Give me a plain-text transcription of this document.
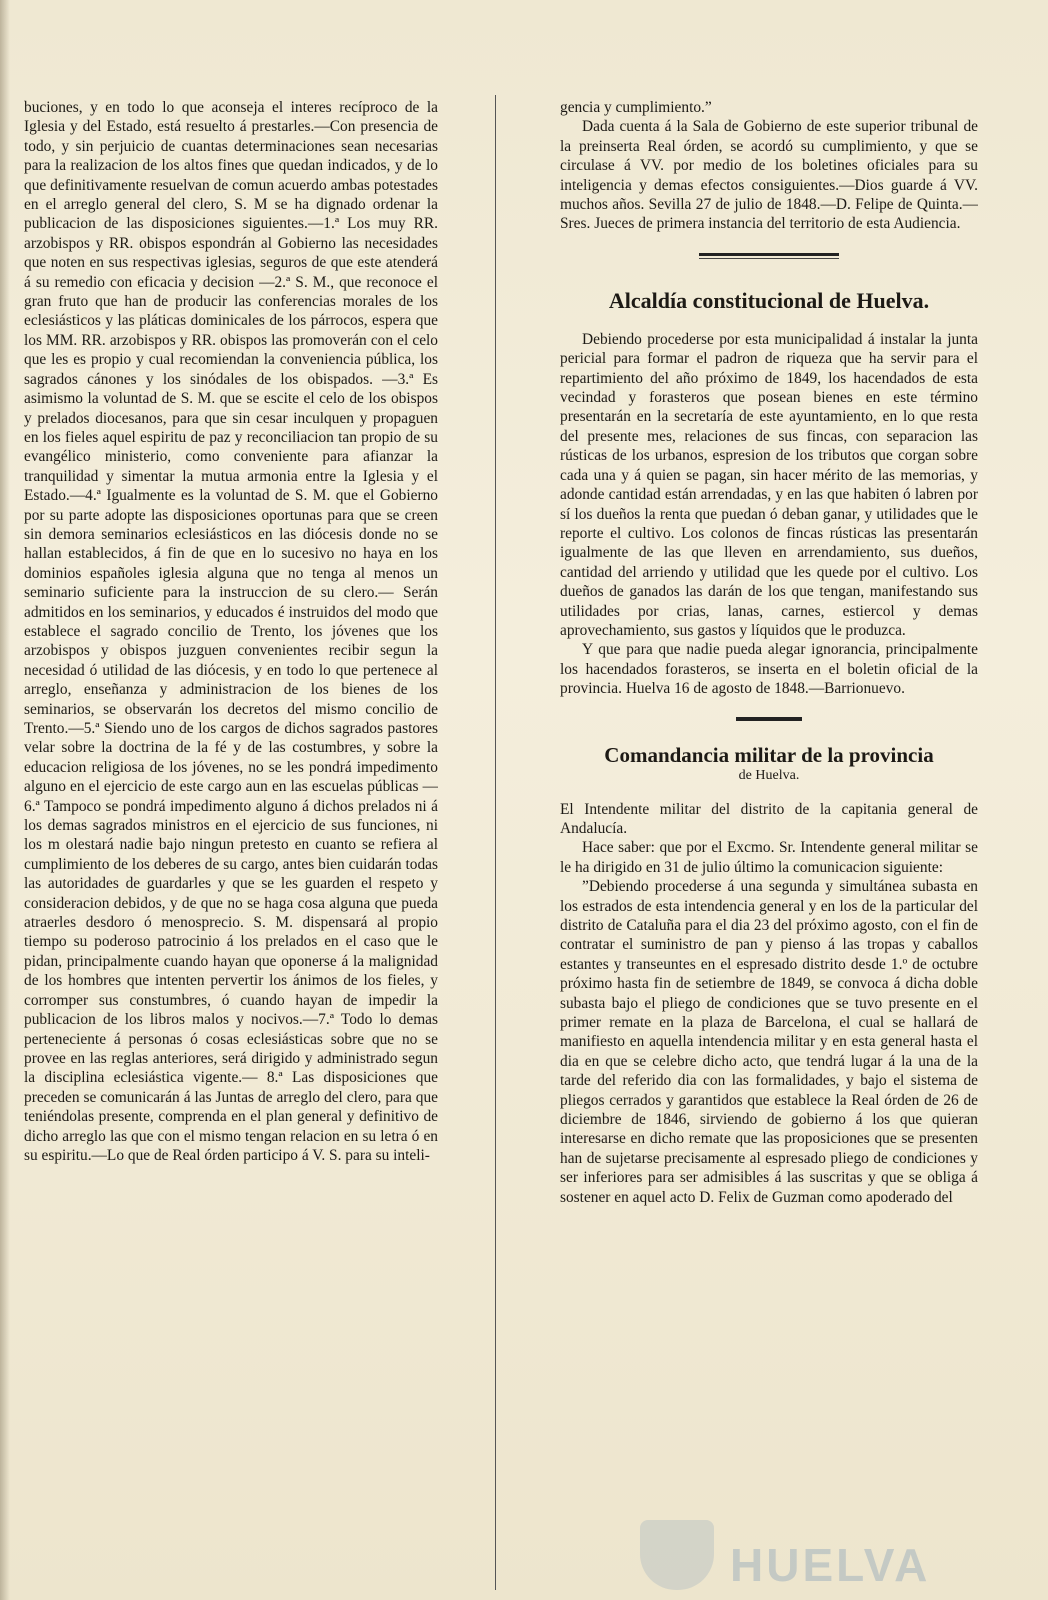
buciones, y en todo lo que aconseja el interes recíproco de la Iglesia y del Estado, está resuelto á prestarles.—Con presencia de todo, y sin perjuicio de cuantas determinaciones sean necesarias para la realizacion de los altos fines que quedan indicados, y de lo que definitivamente resuelvan de comun acuerdo ambas potestades en el arreglo general del clero, S. M se ha dignado ordenar la publicacion de las disposiciones siguientes.—1.ª Los muy RR. arzobispos y RR. obispos espondrán al Gobierno las necesidades que noten en sus respectivas iglesias, seguros de que este atenderá á su remedio con eficacia y decision —2.ª S. M., que reconoce el gran fruto que han de producir las conferencias morales de los eclesiásticos y las pláticas dominicales de los párrocos, espera que los MM. RR. arzobispos y RR. obispos las promoverán con el celo que les es propio y cual recomiendan la conveniencia pública, los sagrados cánones y los sinódales de los obispados. —3.ª Es asimismo la voluntad de S. M. que se escite el celo de los obispos y prelados diocesanos, para que sin cesar inculquen y propaguen en los fieles aquel espiritu de paz y reconciliacion tan propio de su evangélico ministerio, como conveniente para afianzar la tranquilidad y simentar la mutua armonia entre la Iglesia y el Estado.—4.ª Igualmente es la voluntad de S. M. que el Gobierno por su parte adopte las disposiciones oportunas para que se creen sin demora seminarios eclesiásticos en las diócesis donde no se hallan establecidos, á fin de que en lo sucesivo no haya en los dominios españoles iglesia alguna que no tenga al menos un seminario suficiente para la instruccion de su clero.— Serán admitidos en los seminarios, y educados é instruidos del modo que establece el sagrado concilio de Trento, los jóvenes que los arzobispos y obispos juzguen convenientes recibir segun la necesidad ó utilidad de las diócesis, y en todo lo que pertenece al arreglo, enseñanza y administracion de los bienes de los seminarios, se observarán los decretos del mismo concilio de Trento.—5.ª Siendo uno de los cargos de dichos sagrados pastores velar sobre la doctrina de la fé y de las costumbres, y sobre la educacion religiosa de los jóvenes, no se les pondrá impedimento alguno en el ejercicio de este cargo aun en las escuelas públicas —6.ª Tampoco se pondrá impedimento alguno á dichos prelados ni á los demas sagrados ministros en el ejercicio de sus funciones, ni los m olestará nadie bajo ningun pretesto en cuanto se refiera al cumplimiento de los deberes de su cargo, antes bien cuidarán todas las autoridades de guardarles y que se les guarden el respeto y consideracion debidos, y de que no se haga cosa alguna que pueda atraerles desdoro ó menosprecio. S. M. dispensará al propio tiempo su poderoso patrocinio á los prelados en el caso que le pidan, principalmente cuando hayan que oponerse á la malignidad de los hombres que intenten pervertir los ánimos de los fieles, y corromper sus constumbres, ó cuando hayan de impedir la publicacion de los libros malos y nocivos.—7.ª Todo lo demas perteneciente á personas ó cosas eclesiásticas sobre que no se provee en las reglas anteriores, será dirigido y administrado segun la disciplina eclesiástica vigente.— 8.ª Las disposiciones que preceden se comunicarán á las Juntas de arreglo del clero, para que teniéndolas presente, comprenda en el plan general y definitivo de dicho arreglo las que con el mismo tengan relacion en su letra ó en su espiritu.—Lo que de Real órden participo á V. S. para su inteli-

gencia y cumplimiento.”

Dada cuenta á la Sala de Gobierno de este superior tribunal de la preinserta Real órden, se acordó su cumplimiento, y que se circulase á VV. por medio de los boletines oficiales para su inteligencia y demas efectos consiguientes.—Dios guarde á VV. muchos años. Sevilla 27 de julio de 1848.—D. Felipe de Quinta.—Sres. Jueces de primera instancia del territorio de esta Audiencia.

Alcaldía constitucional de Huelva.

Debiendo procederse por esta municipalidad á instalar la junta pericial para formar el padron de riqueza que ha servir para el repartimiento del año próximo de 1849, los hacendados de esta vecindad y forasteros que posean bienes en este término presentarán en la secretaría de este ayuntamiento, en lo que resta del presente mes, relaciones de sus fincas, con separacion las rústicas de los urbanos, espresion de los tributos que corgan sobre cada una y á quien se pagan, sin hacer mérito de las memorias, y adonde cantidad están arrendadas, y en las que habiten ó labren por sí los dueños la renta que puedan ó deban ganar, y utilidades que le reporte el cultivo. Los colonos de fincas rústicas las presentarán igualmente de las que lleven en arrendamiento, sus dueños, cantidad del arriendo y utilidad que les quede por el cultivo. Los dueños de ganados las darán de los que tengan, manifestando sus utilidades por crias, lanas, carnes, estiercol y demas aprovechamiento, sus gastos y líquidos que le produzca.

Y que para que nadie pueda alegar ignorancia, principalmente los hacendados forasteros, se inserta en el boletin oficial de la provincia. Huelva 16 de agosto de 1848.—Barrionuevo.

Comandancia militar de la provincia
de Huelva.

El Intendente militar del distrito de la capitania general de Andalucía.

Hace saber: que por el Excmo. Sr. Intendente general militar se le ha dirigido en 31 de julio último la comunicacion siguiente:

”Debiendo procederse á una segunda y simultánea subasta en los estrados de esta intendencia general y en los de la particular del distrito de Cataluña para el dia 23 del próximo agosto, con el fin de contratar el suministro de pan y pienso á las tropas y caballos estantes y transeuntes en el espresado distrito desde 1.º de octubre próximo hasta fin de setiembre de 1849, se convoca á dicha doble subasta bajo el pliego de condiciones que se tuvo presente en el primer remate en la plaza de Barcelona, el cual se hallará de manifiesto en aquella intendencia militar y en esta general hasta el dia en que se celebre dicho acto, que tendrá lugar á la una de la tarde del referido dia con las formalidades, y bajo el sistema de pliegos cerrados y garantidos que establece la Real órden de 26 de diciembre de 1846, sirviendo de gobierno á los que quieran interesarse en dicho remate que las proposiciones que se presenten han de sujetarse precisamente al espresado pliego de condiciones y ser inferiores para ser admisibles á las suscritas y que se obliga á sostener en aquel acto D. Felix de Guzman como apoderado del

HUELVA
